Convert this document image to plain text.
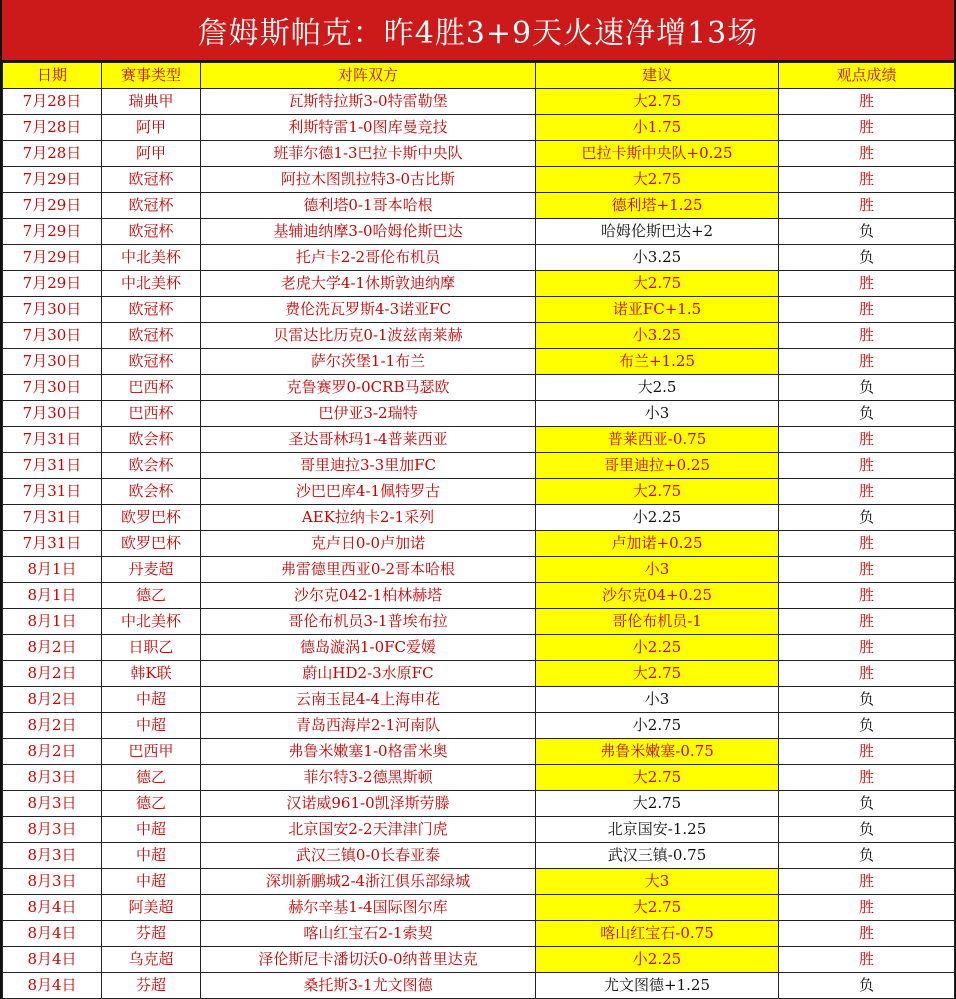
詹姆斯帕克：昨4胜3+9天火速净增13场
日期	赛事类型	对阵双方	建议	观点成绩
7月28日	瑞典甲	瓦斯特拉斯3-0特雷勒堡	大2.75	胜
7月28日	阿甲	利斯特雷1-0图库曼竞技	小1.75	胜
7月28日	阿甲	班菲尔德1-3巴拉卡斯中央队	巴拉卡斯中央队+0.25	胜
7月29日	欧冠杯	阿拉木图凯拉特3-0古比斯	大2.75	胜
7月29日	欧冠杯	德利塔0-1哥本哈根	德利塔+1.25	胜
7月29日	欧冠杯	基辅迪纳摩3-0哈姆伦斯巴达	哈姆伦斯巴达+2	负
7月29日	中北美杯	托卢卡2-2哥伦布机员	小3.25	负
7月29日	中北美杯	老虎大学4-1休斯敦迪纳摩	大2.75	胜
7月30日	欧冠杯	费伦洗瓦罗斯4-3诺亚FC	诺亚FC+1.5	胜
7月30日	欧冠杯	贝雷达比历克0-1波兹南莱赫	小3.25	胜
7月30日	欧冠杯	萨尔茨堡1-1布兰	布兰+1.25	胜
7月30日	巴西杯	克鲁赛罗0-0CRB马瑟欧	大2.5	负
7月30日	巴西杯	巴伊亚3-2瑞特	小3	负
7月31日	欧会杯	圣达哥林玛1-4普莱西亚	普莱西亚-0.75	胜
7月31日	欧会杯	哥里迪拉3-3里加FC	哥里迪拉+0.25	胜
7月31日	欧会杯	沙巴巴库4-1佩特罗古	大2.75	胜
7月31日	欧罗巴杯	AEK拉纳卡2-1采列	小2.25	负
7月31日	欧罗巴杯	克卢日0-0卢加诺	卢加诺+0.25	胜
8月1日	丹麦超	弗雷德里西亚0-2哥本哈根	小3	胜
8月1日	德乙	沙尔克042-1柏林赫塔	沙尔克04+0.25	胜
8月1日	中北美杯	哥伦布机员3-1普埃布拉	哥伦布机员-1	胜
8月2日	日职乙	德岛漩涡1-0FC爱媛	小2.25	胜
8月2日	韩K联	蔚山HD2-3水原FC	大2.75	胜
8月2日	中超	云南玉昆4-4上海申花	小3	负
8月2日	中超	青岛西海岸2-1河南队	小2.75	负
8月2日	巴西甲	弗鲁米嫩塞1-0格雷米奥	弗鲁米嫩塞-0.75	胜
8月3日	德乙	菲尔特3-2德黑斯顿	大2.75	胜
8月3日	德乙	汉诺威961-0凯泽斯劳滕	大2.75	负
8月3日	中超	北京国安2-2天津津门虎	北京国安-1.25	负
8月3日	中超	武汉三镇0-0长春亚泰	武汉三镇-0.75	负
8月3日	中超	深圳新鹏城2-4浙江俱乐部绿城	大3	胜
8月4日	阿美超	赫尔辛基1-4国际图尔库	大2.75	胜
8月4日	芬超	喀山红宝石2-1索契	喀山红宝石-0.75	胜
8月4日	乌克超	泽伦斯尼卡潘切沃0-0纳普里达克	小2.25	胜
8月4日	芬超	桑托斯3-1尤文图德	尤文图德+1.25	负
